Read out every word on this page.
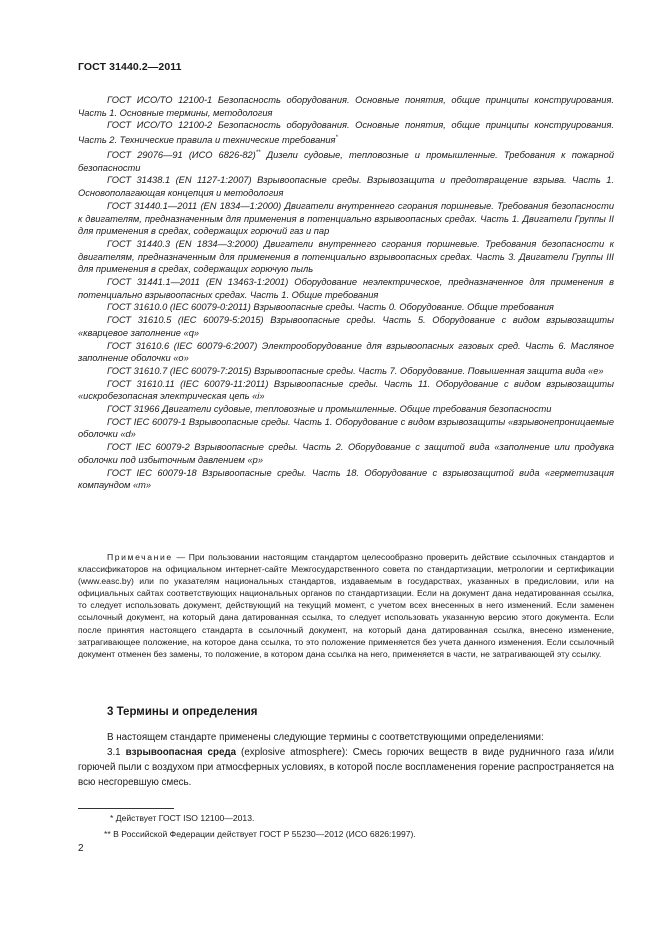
ГОСТ 31440.2—2011

ГОСТ ИСО/ТО 12100-1 Безопасность оборудования. Основные понятия, общие принципы конструирования. Часть 1. Основные термины, методология

ГОСТ ИСО/ТО 12100-2 Безопасность оборудования. Основные понятия, общие принципы конструирования. Часть 2. Технические правила и технические требования*

ГОСТ 29076—91 (ИСО 6826-82)** Дизели судовые, тепловозные и промышленные. Требования к пожарной безопасности

ГОСТ 31438.1 (EN 1127-1:2007) Взрывоопасные среды. Взрывозащита и предотвращение взрыва. Часть 1. Основополагающая концепция и методология

ГОСТ 31440.1—2011 (EN 1834—1:2000) Двигатели внутреннего сгорания поршневые. Требования безопасности к двигателям, предназначенным для применения в потенциально взрывоопасных средах. Часть 1. Двигатели Группы II для применения в средах, содержащих горючий газ и пар

ГОСТ 31440.3 (EN 1834—3:2000) Двигатели внутреннего сгорания поршневые. Требования безопасности к двигателям, предназначенным для применения в потенциально взрывоопасных средах. Часть 3. Двигатели Группы III для применения в средах, содержащих горючую пыль

ГОСТ 31441.1—2011 (EN 13463-1:2001) Оборудование неэлектрическое, предназначенное для применения в потенциально взрывоопасных средах. Часть 1. Общие требования

ГОСТ 31610.0 (IEC 60079-0:2011) Взрывоопасные среды. Часть 0. Оборудование. Общие требования

ГОСТ 31610.5 (IEC 60079-5:2015) Взрывоопасные среды. Часть 5. Оборудование с видом взрывозащиты «кварцевое заполнение «q»

ГОСТ 31610.6 (IEC 60079-6:2007) Электрооборудование для взрывоопасных газовых сред. Часть 6. Масляное заполнение оболочки «о»

ГОСТ 31610.7 (IEC 60079-7:2015) Взрывоопасные среды. Часть 7. Оборудование. Повышенная защита вида «е»

ГОСТ 31610.11 (IEC 60079-11:2011) Взрывоопасные среды. Часть 11. Оборудование с видом взрывозащиты «искробезопасная электрическая цепь «i»

ГОСТ 31966 Двигатели судовые, тепловозные и промышленные. Общие требования безопасности

ГОСТ IEC 60079-1 Взрывоопасные среды. Часть 1. Оборудование с видом взрывозащиты «взрывонепроницаемые оболочки «d»

ГОСТ IEC 60079-2 Взрывоопасные среды. Часть 2. Оборудование с защитой вида «заполнение или продувка оболочки под избыточным давлением «р»

ГОСТ IEC 60079-18 Взрывоопасные среды. Часть 18. Оборудование с взрывозащитой вида «герметизация компаундом «m»

Примечание — При пользовании настоящим стандартом целесообразно проверить действие ссылочных стандартов и классификаторов на официальном интернет-сайте Межгосударственного совета по стандартизации, метрологии и сертификации (www.easc.by) или по указателям национальных стандартов, издаваемым в государствах, указанных в предисловии, или на официальных сайтах соответствующих национальных органов по стандартизации. Если на документ дана недатированная ссылка, то следует использовать документ, действующий на текущий момент, с учетом всех внесенных в него изменений. Если заменен ссылочный документ, на который дана датированная ссылка, то следует использовать указанную версию этого документа. Если после принятия настоящего стандарта в ссылочный документ, на который дана датированная ссылка, внесено изменение, затрагивающее положение, на которое дана ссылка, то это положение применяется без учета данного изменения. Если ссылочный документ отменен без замены, то положение, в котором дана ссылка на него, применяется в части, не затрагивающей эту ссылку.

3 Термины и определения

В настоящем стандарте применены следующие термины с соответствующими определениями:

3.1 взрывоопасная среда (explosive atmosphere): Смесь горючих веществ в виде рудничного газа и/или горючей пыли с воздухом при атмосферных условиях, в которой после воспламенения горение распространяется на всю несгоревшую смесь.

* Действует ГОСТ ISO 12100—2013.
** В Российской Федерации действует ГОСТ Р 55230—2012 (ИСО 6826:1997).
2
